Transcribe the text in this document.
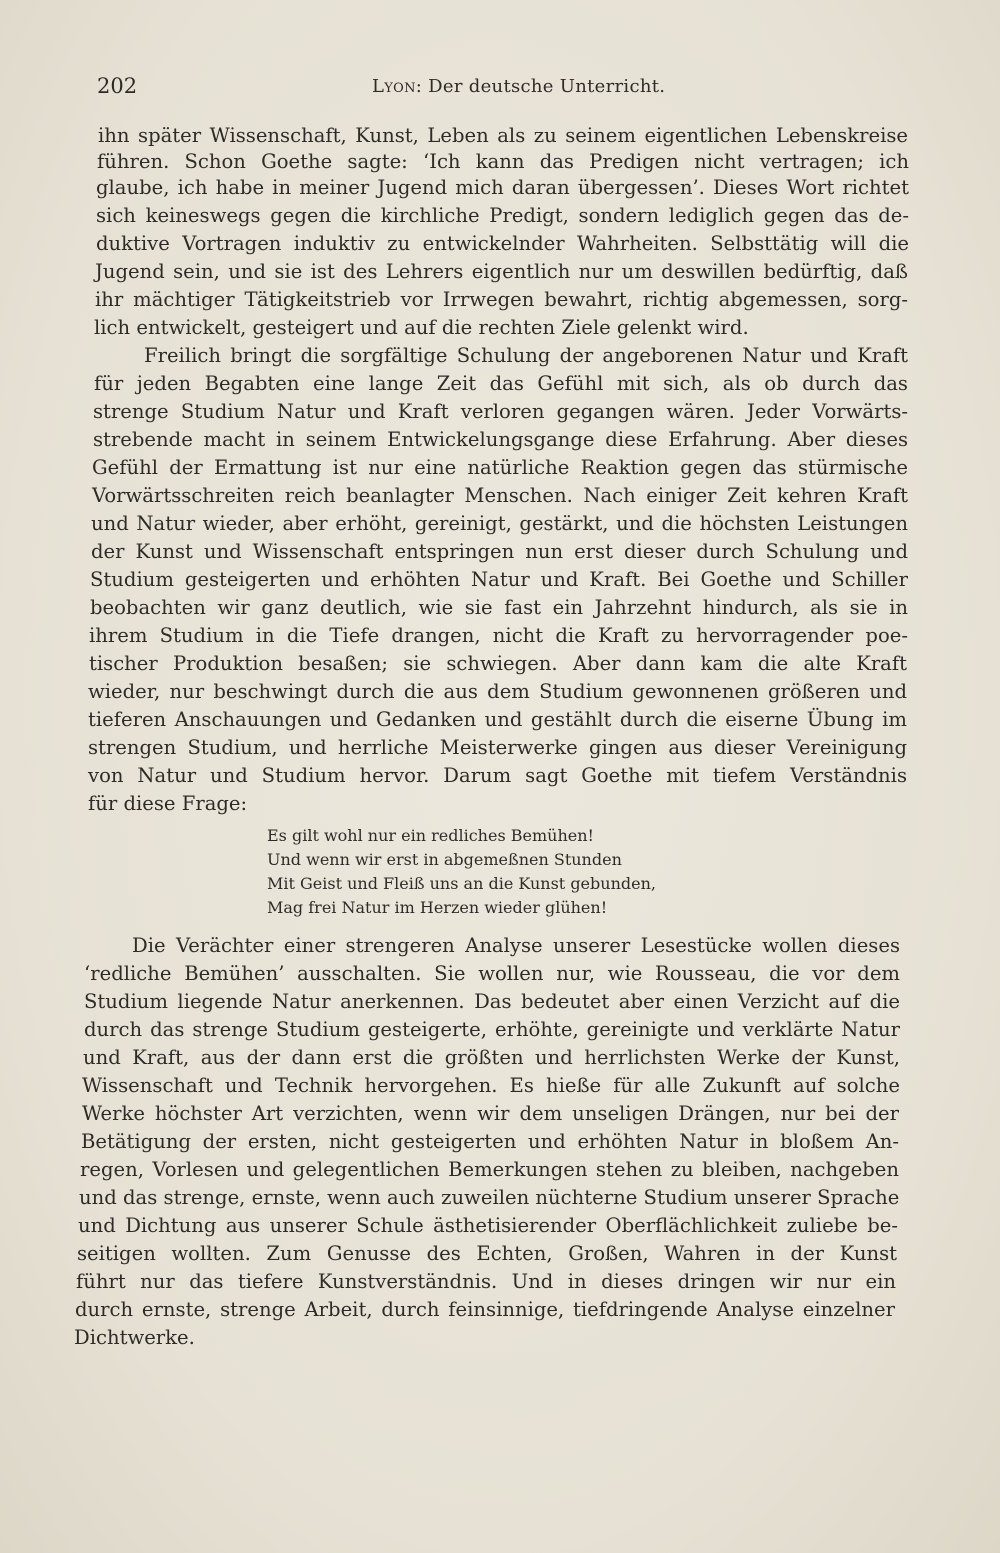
202	Lyon: Der deutsche Unterricht.
ihn später Wissenschaft, Kunst, Leben als zu seinem eigentlichen Lebenskreise
führen. Schon Goethe sagte: ‘Ich kann das Predigen nicht vertragen; ich
glaube, ich habe in meiner Jugend mich daran übergessen’. Dieses Wort richtet
sich keineswegs gegen die kirchliche Predigt, sondern lediglich gegen das de-
duktive Vortragen induktiv zu entwickelnder Wahrheiten. Selbsttätig will die
Jugend sein, und sie ist des Lehrers eigentlich nur um deswillen bedürftig, daß
ihr mächtiger Tätigkeitstrieb vor Irrwegen bewahrt, richtig abgemessen, sorg-
lich entwickelt, gesteigert und auf die rechten Ziele gelenkt wird.
Freilich bringt die sorgfältige Schulung der angeborenen Natur und Kraft
für jeden Begabten eine lange Zeit das Gefühl mit sich, als ob durch das
strenge Studium Natur und Kraft verloren gegangen wären. Jeder Vorwärts-
strebende macht in seinem Entwickelungsgange diese Erfahrung. Aber dieses
Gefühl der Ermattung ist nur eine natürliche Reaktion gegen das stürmische
Vorwärtsschreiten reich beanlagter Menschen. Nach einiger Zeit kehren Kraft
und Natur wieder, aber erhöht, gereinigt, gestärkt, und die höchsten Leistungen
der Kunst und Wissenschaft entspringen nun erst dieser durch Schulung und
Studium gesteigerten und erhöhten Natur und Kraft. Bei Goethe und Schiller
beobachten wir ganz deutlich, wie sie fast ein Jahrzehnt hindurch, als sie in
ihrem Studium in die Tiefe drangen, nicht die Kraft zu hervorragender poe-
tischer Produktion besaßen; sie schwiegen. Aber dann kam die alte Kraft
wieder, nur beschwingt durch die aus dem Studium gewonnenen größeren und
tieferen Anschauungen und Gedanken und gestählt durch die eiserne Übung im
strengen Studium, und herrliche Meisterwerke gingen aus dieser Vereinigung
von Natur und Studium hervor. Darum sagt Goethe mit tiefem Verständnis
für diese Frage:
Es gilt wohl nur ein redliches Bemühen!
Und wenn wir erst in abgemeßnen Stunden
Mit Geist und Fleiß uns an die Kunst gebunden,
Mag frei Natur im Herzen wieder glühen!
Die Verächter einer strengeren Analyse unserer Lesestücke wollen dieses
‘redliche Bemühen’ ausschalten. Sie wollen nur, wie Rousseau, die vor dem
Studium liegende Natur anerkennen. Das bedeutet aber einen Verzicht auf die
durch das strenge Studium gesteigerte, erhöhte, gereinigte und verklärte Natur
und Kraft, aus der dann erst die größten und herrlichsten Werke der Kunst,
Wissenschaft und Technik hervorgehen. Es hieße für alle Zukunft auf solche
Werke höchster Art verzichten, wenn wir dem unseligen Drängen, nur bei der
Betätigung der ersten, nicht gesteigerten und erhöhten Natur in bloßem An-
regen, Vorlesen und gelegentlichen Bemerkungen stehen zu bleiben, nachgeben
und das strenge, ernste, wenn auch zuweilen nüchterne Studium unserer Sprache
und Dichtung aus unserer Schule ästhetisierender Oberflächlichkeit zuliebe be-
seitigen wollten. Zum Genusse des Echten, Großen, Wahren in der Kunst
führt nur das tiefere Kunstverständnis. Und in dieses dringen wir nur ein
durch ernste, strenge Arbeit, durch feinsinnige, tiefdringende Analyse einzelner
Dichtwerke.
